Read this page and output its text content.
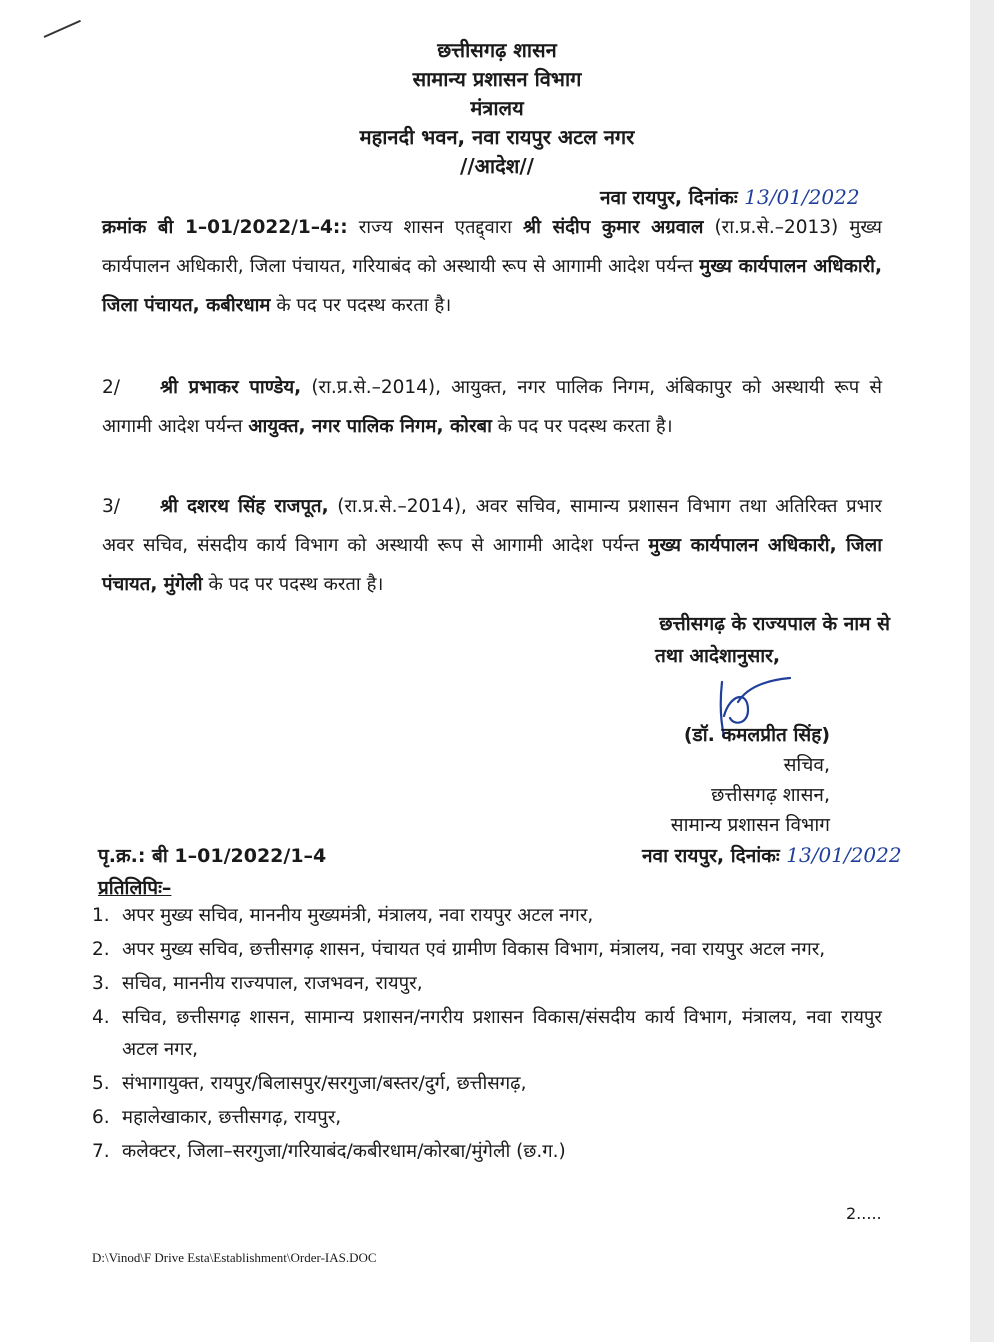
छत्तीसगढ़ शासन
सामान्य प्रशासन विभाग
मंत्रालय
महानदी भवन, नवा रायपुर अटल नगर
//आदेश//
नवा रायपुर, दिनांकः 13/01/2022
क्रमांक बी 1–01/2022/1–4:: राज्य शासन एतद्द्वारा श्री संदीप कुमार अग्रवाल (रा.प्र.से.–2013) मुख्य कार्यपालन अधिकारी, जिला पंचायत, गरियाबंद को अस्थायी रूप से आगामी आदेश पर्यन्त मुख्य कार्यपालन अधिकारी, जिला पंचायत, कबीरधाम के पद पर पदस्थ करता है।
2/ श्री प्रभाकर पाण्डेय, (रा.प्र.से.–2014), आयुक्त, नगर पालिक निगम, अंबिकापुर को अस्थायी रूप से आगामी आदेश पर्यन्त आयुक्त, नगर पालिक निगम, कोरबा के पद पर पदस्थ करता है।
3/ श्री दशरथ सिंह राजपूत, (रा.प्र.से.–2014), अवर सचिव, सामान्य प्रशासन विभाग तथा अतिरिक्त प्रभार अवर सचिव, संसदीय कार्य विभाग को अस्थायी रूप से आगामी आदेश पर्यन्त मुख्य कार्यपालन अधिकारी, जिला पंचायत, मुंगेली के पद पर पदस्थ करता है।
छत्तीसगढ़ के राज्यपाल के नाम से
तथा आदेशानुसार,
(डॉ. कमलप्रीत सिंह)
सचिव,
छत्तीसगढ़ शासन,
सामान्य प्रशासन विभाग
पृ.क्र.: बी 1–01/2022/1–4	नवा रायपुर, दिनांकः 13/01/2022
प्रतिलिपिः–
1. अपर मुख्य सचिव, माननीय मुख्यमंत्री, मंत्रालय, नवा रायपुर अटल नगर,
2. अपर मुख्य सचिव, छत्तीसगढ़ शासन, पंचायत एवं ग्रामीण विकास विभाग, मंत्रालय, नवा रायपुर अटल नगर,
3. सचिव, माननीय राज्यपाल, राजभवन, रायपुर,
4. सचिव, छत्तीसगढ़ शासन, सामान्य प्रशासन/नगरीय प्रशासन विकास/संसदीय कार्य विभाग, मंत्रालय, नवा रायपुर अटल नगर,
5. संभागायुक्त, रायपुर/बिलासपुर/सरगुजा/बस्तर/दुर्ग, छत्तीसगढ़,
6. महालेखाकार, छत्तीसगढ़, रायपुर,
7. कलेक्टर, जिला–सरगुजा/गरियाबंद/कबीरधाम/कोरबा/मुंगेली (छ.ग.)
2.....
D:\Vinod\F Drive Esta\Establishment\Order-IAS.DOC
